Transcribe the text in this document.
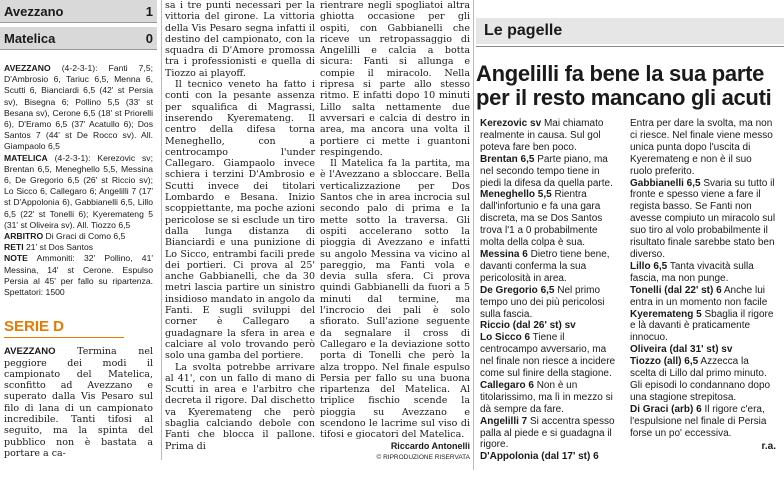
Avezzano	1
Matelica	0
AVEZZANO (4-2-3-1): Fanti 7,5; D'Ambrosio 6, Tariuc 6,5, Menna 6, Scutti 6, Bianciardi 6,5 (42' st Persia sv), Bisegna 6; Pollino 5,5 (33' st Besana sv), Cerone 6,5 (18' st Priorelli 6), D'Eramo 6,5 (37' Acatullo 6); Dos Santos 7 (44' st De Rocco sv). All. Giampaolo 6,5
MATELICA (4-2-3-1): Kerezovic sv; Brentan 6,5, Meneghello 5,5, Messina 6, De Gregorio 6,5 (26' st Riccio sv); Lo Sicco 6, Callegaro 6; Angelilli 7 (17' st D'Appolonia 6), Gabbianelli 6,5, Lillo 6,5 (22' st Tonelli 6); Kyeremateng 5 (31' st Oliveira sv). All. Tiozzo 6,5
ARBITRO Di Graci di Como 6,5
RETI 21' st Dos Santos
NOTE Ammoniti: 32' Pollino, 41' Messina, 14' st Cerone. Espulso Persia al 45' per fallo su ripartenza. Spettatori: 1500
SERIE D
AVEZZANO Termina nel peggiore dei modi il campionato del Matelica, sconfitto ad Avezzano e superato dalla Vis Pesaro sul filo di lana di un campionato incredibile. Tanti tifosi al seguito, ma la spinta del pubblico non è bastata a portare a ca-

sa i tre punti necessari per la vittoria del girone. La vittoria della Vis Pesaro segna infatti il destino del campionato, con la squadra di D'Amore promossa tra i professionisti e quella di Tiozzo ai playoff.

Il tecnico veneto ha fatto i conti con la pesante assenza per squalifica di Magrassi, inserendo Kyeremateng. Il centro della difesa torna Meneghello, con a centrocampo l'under Callegaro. Giampaolo invece schiera i terzini D'Ambrosio e Scutti invece dei titolari Lombardo e Besana. Inizio scoppiettante, ma poche azioni pericolose se si esclude un tiro dalla lunga distanza di Bianciardi e una punizione di Lo Sicco, entrambi facili prede dei portieri. Ci prova al 25' anche Gabbianelli, che da 30 metri lascia partire un sinistro insidioso mandato in angolo da Fanti. E sugli sviluppi del corner è Callegaro a guadagnare la sfera in area e calciare al volo trovando però solo una gamba del portiere.

La svolta potrebbe arrivare al 41', con un fallo di mano di Scutti in area e l'arbitro che decreta il rigore. Dal dischetto va Kyeremateng che però sbaglia calciando debole con Fanti che blocca il pallone. Prima di

rientrare negli spogliatoi altra ghiotta occasione per gli ospiti, con Gabbianelli che riceve un retropassaggio di Angelilli e calcia a botta sicura: Fanti si allunga e compie il miracolo. Nella ripresa si parte allo stesso ritmo. E infatti dopo 10 minuti Lillo salta nettamente due avversari e calcia di destro in area, ma ancora una volta il portiere ci mette i guantoni respingendo.

Il Matelica fa la partita, ma è l'Avezzano a sbloccare. Bella verticalizzazione per Dos Santos che in area incrocia sul secondo palo di prima e la mette sotto la traversa. Gli ospiti accelerano sotto la pioggia di Avezzano e infatti su angolo Messina va vicino al pareggio, ma Fanti vola e devia sulla sfera. Ci prova quindi Gabbianelli da fuori a 5 minuti dal termine, ma l'incrocio dei pali è solo sfiorato. Sull'azione seguente da segnalare il cross di Callegaro e la deviazione sotto porta di Tonelli che però la alza troppo. Nel finale espulso Persia per fallo su una buona ripartenza del Matelica. Al triplice fischio scende la pioggia su Avezzano e scendono le lacrime sul viso di tifosi e giocatori del Matelica.

Riccardo Antonelli
© RIPRODUZIONE RISERVATA
Le pagelle
Angelilli fa bene la sua parte per il resto mancano gli acuti
Kerezovic sv Mai chiamato realmente in causa. Sul gol poteva fare ben poco.
Brentan 6,5 Parte piano, ma nel secondo tempo tiene in piedi la difesa da quella parte.
Meneghello 5,5 Rientra dall'infortunio e fa una gara discreta, ma se Dos Santos trova l'1 a 0 probabilmente molta della colpa è sua.
Messina 6 Dietro tiene bene, davanti conferma la sua pericolosità in area.
De Gregorio 6,5 Nel primo tempo uno dei più pericolosi sulla fascia.
Riccio (dal 26' st) sv
Lo Sicco 6 Tiene il centrocampo avversario, ma nel finale non riesce a incidere come sul finire della stagione.
Callegaro 6 Non è un titolarissimo, ma lì in mezzo si dà sempre da fare.
Angelilli 7 Si accentra spesso palla al piede e si guadagna il rigore.
D'Appolonia (dal 17' st) 6
Entra per dare la svolta, ma non ci riesce. Nel finale viene messo unica punta dopo l'uscita di Kyeremateng e non è il suo ruolo preferito.
Gabbianelli 6,5 Svaria su tutto il fronte e spesso viene a fare il regista basso. Se Fanti non avesse compiuto un miracolo sul suo tiro al volo probabilmente il risultato finale sarebbe stato ben diverso.
Lillo 6,5 Tanta vivacità sulla fascia, ma non punge.
Tonelli (dal 22' st) 6 Anche lui entra in un momento non facile
Kyeremateng 5 Sbaglia il rigore e là davanti è praticamente innocuo.
Oliveira (dal 31' st) sv
Tiozzo (all) 6,5 Azzecca la scelta di Lillo dal primo minuto. Gli episodi lo condannano dopo una stagione strepitosa.
Di Graci (arb) 6 Il rigore c'era, l'espulsione nel finale di Persia forse un po' eccessiva.
r.a.
